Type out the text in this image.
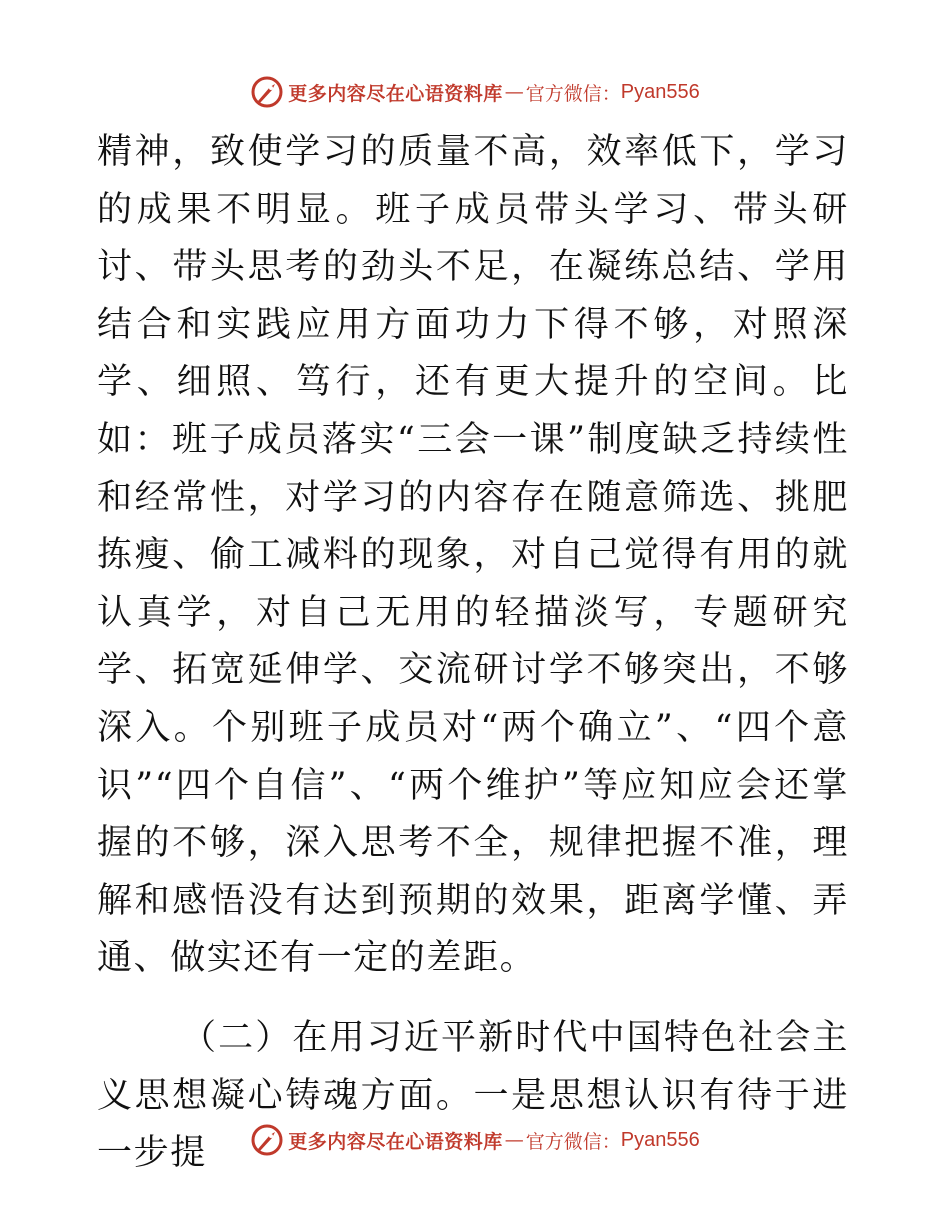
更多内容尽在心语资料库 — 官方微信： Pyan556

精神，致使学习的质量不高，效率低下，学习的成果不明显。班子成员带头学习、带头研讨、带头思考的劲头不足，在凝练总结、学用结合和实践应用方面功力下得不够，对照深学、细照、笃行，还有更大提升的空间。比如：班子成员落实“三会一课”制度缺乏持续性和经常性，对学习的内容存在随意筛选、挑肥拣瘦、偷工减料的现象，对自己觉得有用的就认真学，对自己无用的轻描淡写，专题研究学、拓宽延伸学、交流研讨学不够突出，不够深入。个别班子成员对“两个确立”、“四个意识”“四个自信”、“两个维护”等应知应会还掌握的不够，深入思考不全，规律把握不准，理解和感悟没有达到预期的效果，距离学懂、弄通、做实还有一定的差距。

（二）在用习近平新时代中国特色社会主义思想凝心铸魂方面。一是思想认识有待于进一步提	更多内容尽在心语资料库 — 官方微信： Pyan556
